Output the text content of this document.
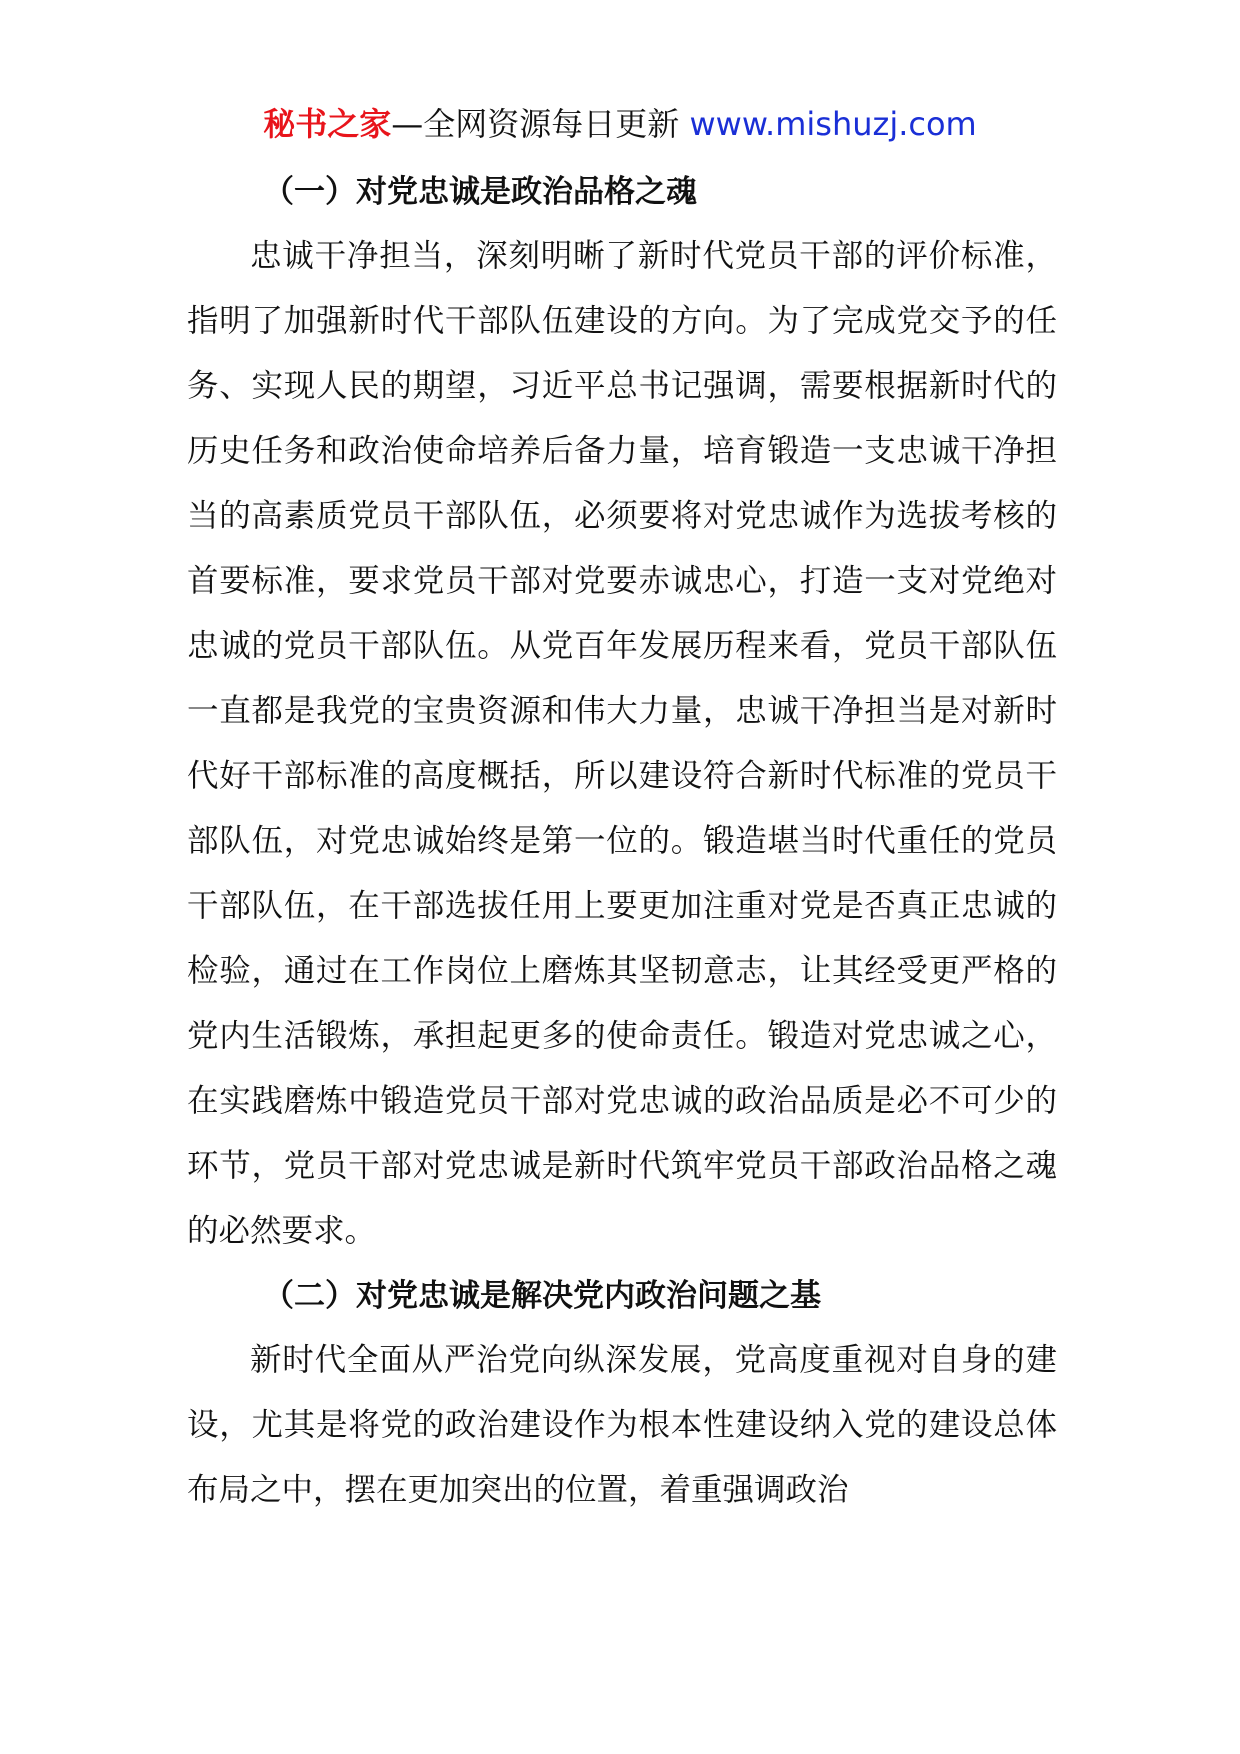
秘书之家—全网资源每日更新 www.mishuzj.com
（一）对党忠诚是政治品格之魂

忠诚干净担当，深刻明晰了新时代党员干部的评价标准，指明了加强新时代干部队伍建设的方向。为了完成党交予的任务、实现人民的期望，习近平总书记强调，需要根据新时代的历史任务和政治使命培养后备力量，培育锻造一支忠诚干净担当的高素质党员干部队伍，必须要将对党忠诚作为选拔考核的首要标准，要求党员干部对党要赤诚忠心，打造一支对党绝对忠诚的党员干部队伍。从党百年发展历程来看，党员干部队伍一直都是我党的宝贵资源和伟大力量，忠诚干净担当是对新时代好干部标准的高度概括，所以建设符合新时代标准的党员干部队伍，对党忠诚始终是第一位的。锻造堪当时代重任的党员干部队伍，在干部选拔任用上要更加注重对党是否真正忠诚的检验，通过在工作岗位上磨炼其坚韧意志，让其经受更严格的党内生活锻炼，承担起更多的使命责任。锻造对党忠诚之心，在实践磨炼中锻造党员干部对党忠诚的政治品质是必不可少的环节，党员干部对党忠诚是新时代筑牢党员干部政治品格之魂的必然要求。

（二）对党忠诚是解决党内政治问题之基

新时代全面从严治党向纵深发展，党高度重视对自身的建设，尤其是将党的政治建设作为根本性建设纳入党的建设总体布局之中，摆在更加突出的位置，着重强调政治
